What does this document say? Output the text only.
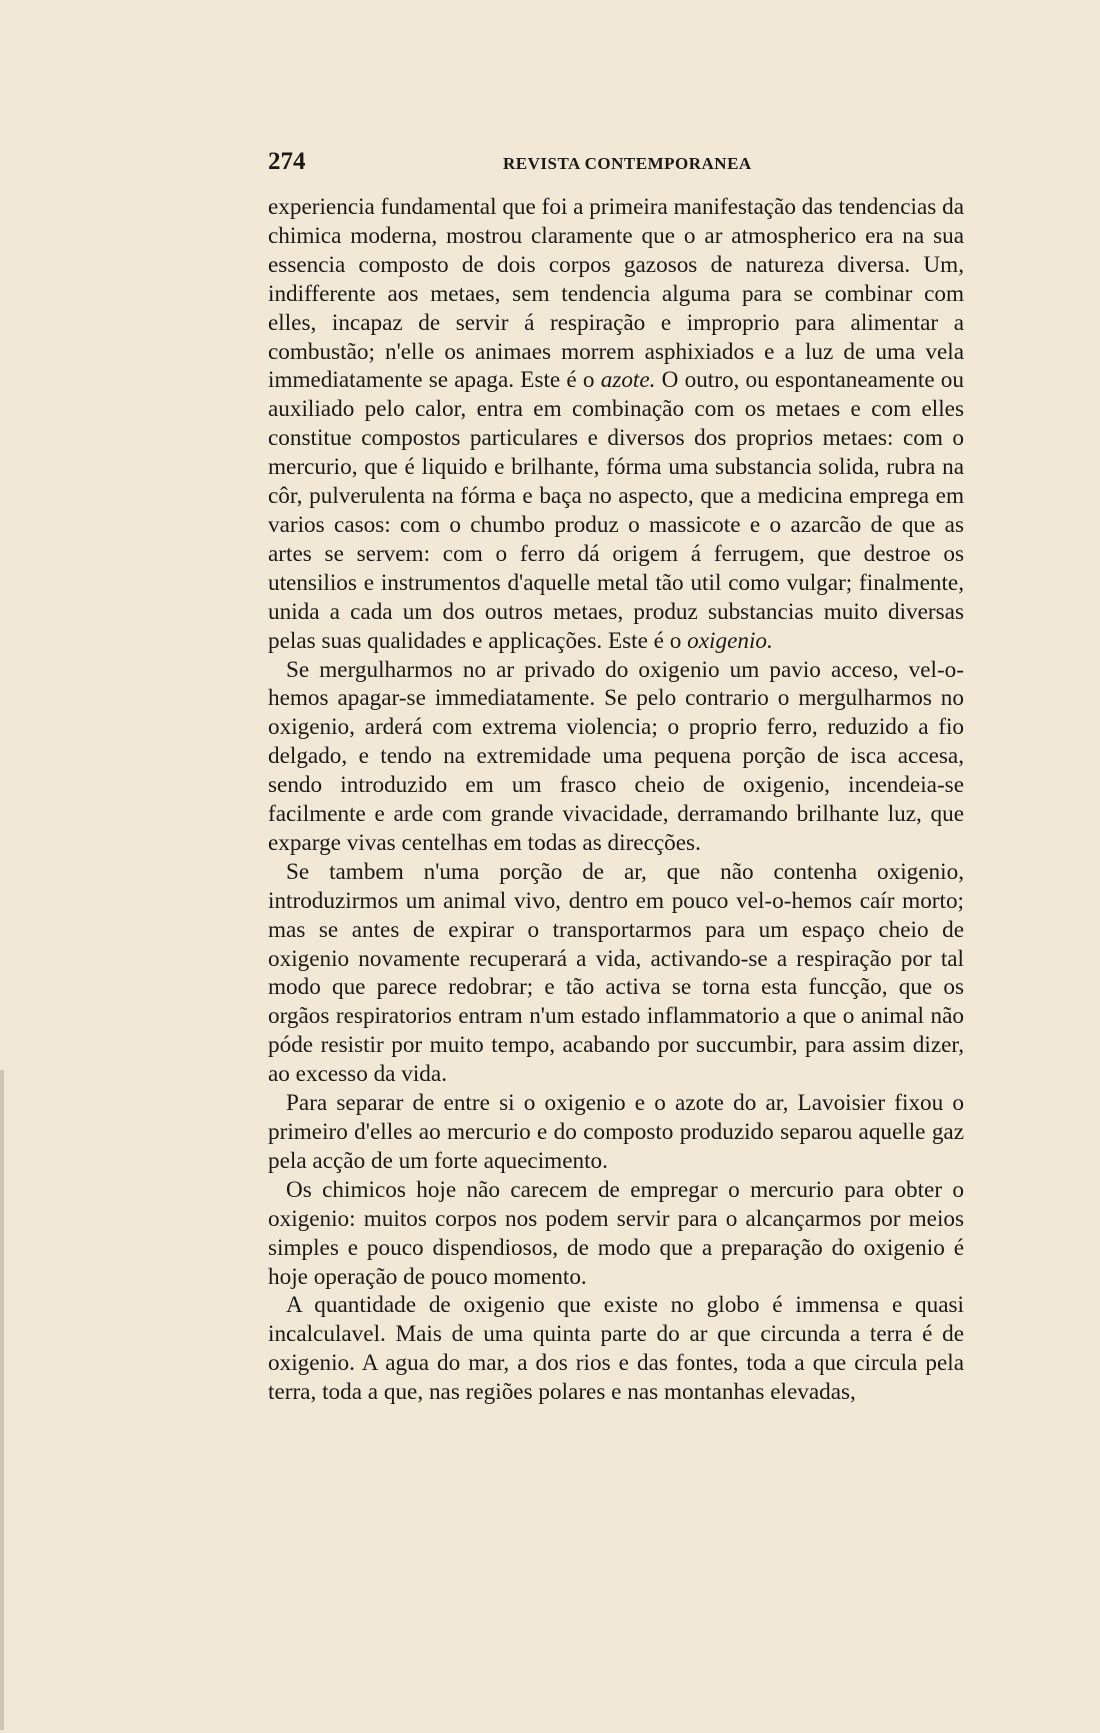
274	REVISTA CONTEMPORANEA

experiencia fundamental que foi a primeira manifestação das tendencias da chimica moderna, mostrou claramente que o ar atmospherico era na sua essencia composto de dois corpos gazosos de natureza diversa. Um, indifferente aos metaes, sem tendencia alguma para se combinar com elles, incapaz de servir á respiração e improprio para alimentar a combustão; n'elle os animaes morrem asphixiados e a luz de uma vela immediatamente se apaga. Este é o azote. O outro, ou espontaneamente ou auxiliado pelo calor, entra em combinação com os metaes e com elles constitue compostos particulares e diversos dos proprios metaes: com o mercurio, que é liquido e brilhante, fórma uma substancia solida, rubra na côr, pulverulenta na fórma e baça no aspecto, que a medicina emprega em varios casos: com o chumbo produz o massicote e o azarcão de que as artes se servem: com o ferro dá origem á ferrugem, que destroe os utensilios e instrumentos d'aquelle metal tão util como vulgar; finalmente, unida a cada um dos outros metaes, produz substancias muito diversas pelas suas qualidades e applicações. Este é o oxigenio.

Se mergulharmos no ar privado do oxigenio um pavio acceso, vel-o-hemos apagar-se immediatamente. Se pelo contrario o mergulharmos no oxigenio, arderá com extrema violencia; o proprio ferro, reduzido a fio delgado, e tendo na extremidade uma pequena porção de isca accesa, sendo introduzido em um frasco cheio de oxigenio, incendeia-se facilmente e arde com grande vivacidade, derramando brilhante luz, que exparge vivas centelhas em todas as direcções.

Se tambem n'uma porção de ar, que não contenha oxigenio, introduzirmos um animal vivo, dentro em pouco vel-o-hemos caír morto; mas se antes de expirar o transportarmos para um espaço cheio de oxigenio novamente recuperará a vida, activando-se a respiração por tal modo que parece redobrar; e tão activa se torna esta funcção, que os orgãos respiratorios entram n'um estado inflammatorio a que o animal não póde resistir por muito tempo, acabando por succumbir, para assim dizer, ao excesso da vida.

Para separar de entre si o oxigenio e o azote do ar, Lavoisier fixou o primeiro d'elles ao mercurio e do composto produzido separou aquelle gaz pela acção de um forte aquecimento.

Os chimicos hoje não carecem de empregar o mercurio para obter o oxigenio: muitos corpos nos podem servir para o alcançarmos por meios simples e pouco dispendiosos, de modo que a preparação do oxigenio é hoje operação de pouco momento.

A quantidade de oxigenio que existe no globo é immensa e quasi incalculavel. Mais de uma quinta parte do ar que circunda a terra é de oxigenio. A agua do mar, a dos rios e das fontes, toda a que circula pela terra, toda a que, nas regiões polares e nas montanhas elevadas,
